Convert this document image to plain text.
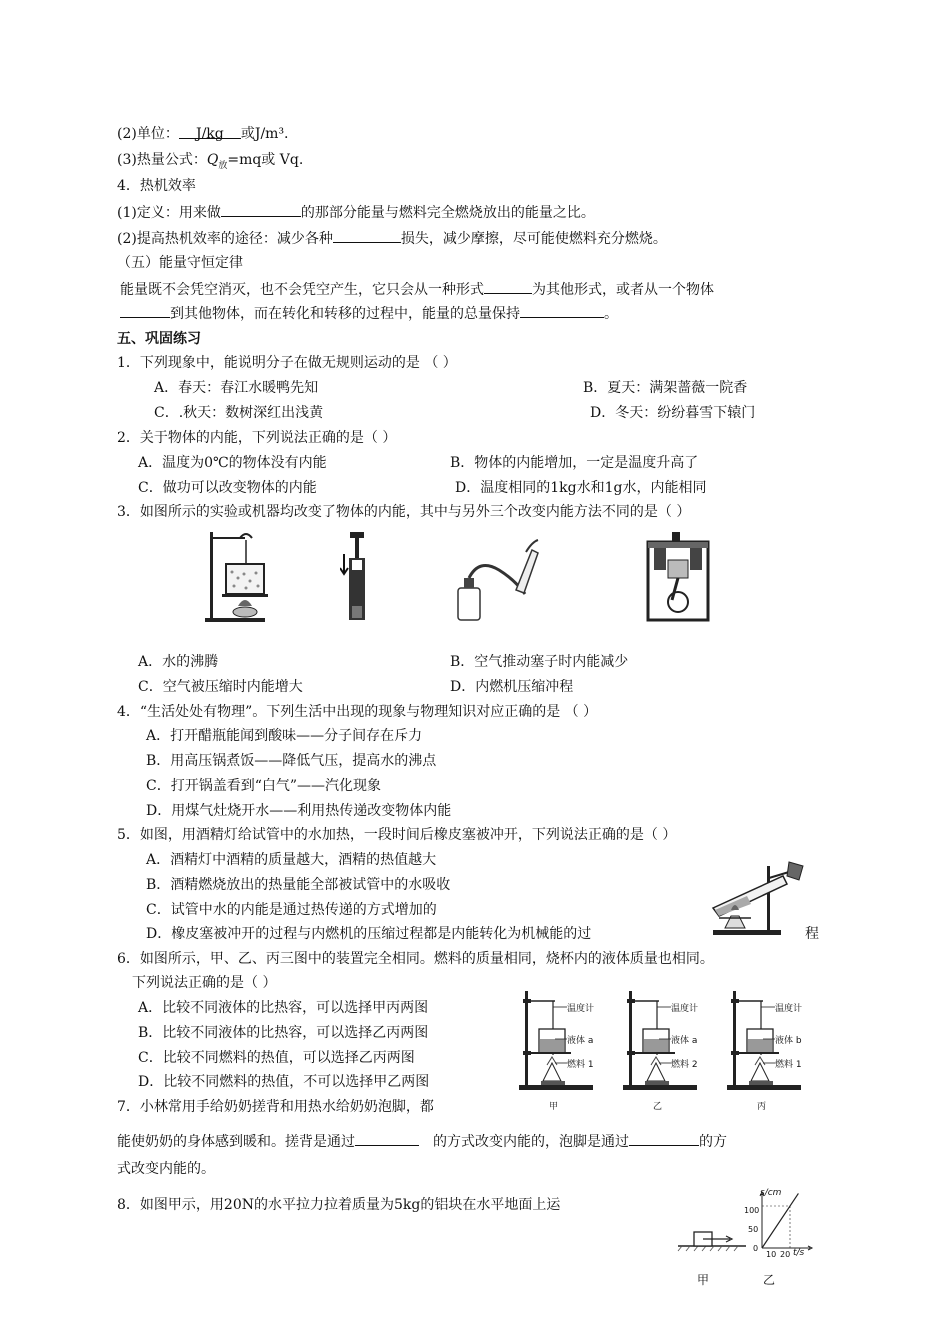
(2)单位： J/kg 或J/m³.
(3)热量公式：$Q_放=mq$或 Vq.
4．热机效率
(1)定义：用来做	的那部分能量与燃料完全燃烧放出的能量之比。
(2)提高热机效率的途径：减少各种	损失，减少摩擦，尽可能使燃料充分燃烧。
（五）能量守恒定律
能量既不会凭空消灭，也不会凭空产生，它只会从一种形式	为其他形式，或者从一个物体
到其他物体，而在转化和转移的过程中，能量的总量保持	。
五、巩固练习
1．下列现象中，能说明分子在做无规则运动的是 （ ）
A．春天：春江水暖鸭先知	B．夏天：满架蔷薇一院香
C．.秋天：数树深红出浅黄	D．冬天：纷纷暮雪下辕门
2．关于物体的内能，下列说法正确的是（ ）
A．温度为0℃的物体没有内能	B．物体的内能增加，一定是温度升高了
C．做功可以改变物体的内能	D．温度相同的1kg水和1g水，内能相同
3．如图所示的实验或机器均改变了物体的内能，其中与另外三个改变内能方法不同的是（ ）
A．水的沸腾	B．空气推动塞子时内能减少
C．空气被压缩时内能增大	D．内燃机压缩冲程
4．“生活处处有物理”。下列生活中出现的现象与物理知识对应正确的是 （ ）
A．打开醋瓶能闻到酸味——分子间存在斥力
B．用高压锅煮饭——降低气压，提高水的沸点
C．打开锅盖看到“白气”——汽化现象
D．用煤气灶烧开水——利用热传递改变物体内能
5．如图，用酒精灯给试管中的水加热，一段时间后橡皮塞被冲开，下列说法正确的是（ ）
A．酒精灯中酒精的质量越大，酒精的热值越大
B．酒精燃烧放出的热量能全部被试管中的水吸收
C．试管中水的内能是通过热传递的方式增加的
D．橡皮塞被冲开的过程与内燃机的压缩过程都是内能转化为机械能的过	程
6．如图所示，甲、乙、丙三图中的装置完全相同。燃料的质量相同，烧杯内的液体质量也相同。
下列说法正确的是（ ）
A．比较不同液体的比热容，可以选择甲丙两图
B．比较不同液体的比热容，可以选择乙丙两图
C．比较不同燃料的热值，可以选择乙丙两图
D．比较不同燃料的热值，不可以选择甲乙两图
温度计
液体 a
燃料 1
甲
温度计
液体 a
燃料 2
乙
温度计
液体 b
燃料 1
丙
7．小林常用手给奶奶搓背和用热水给奶奶泡脚，都
能使奶奶的身体感到暖和。搓背是通过	的方式改变内能的，泡脚是通过	的方
式改变内能的。
8．如图甲示，用20N的水平拉力拉着质量为5kg的铝块在水平地面上运
甲
s/cm
100
50
0
10 20 t/s
乙
